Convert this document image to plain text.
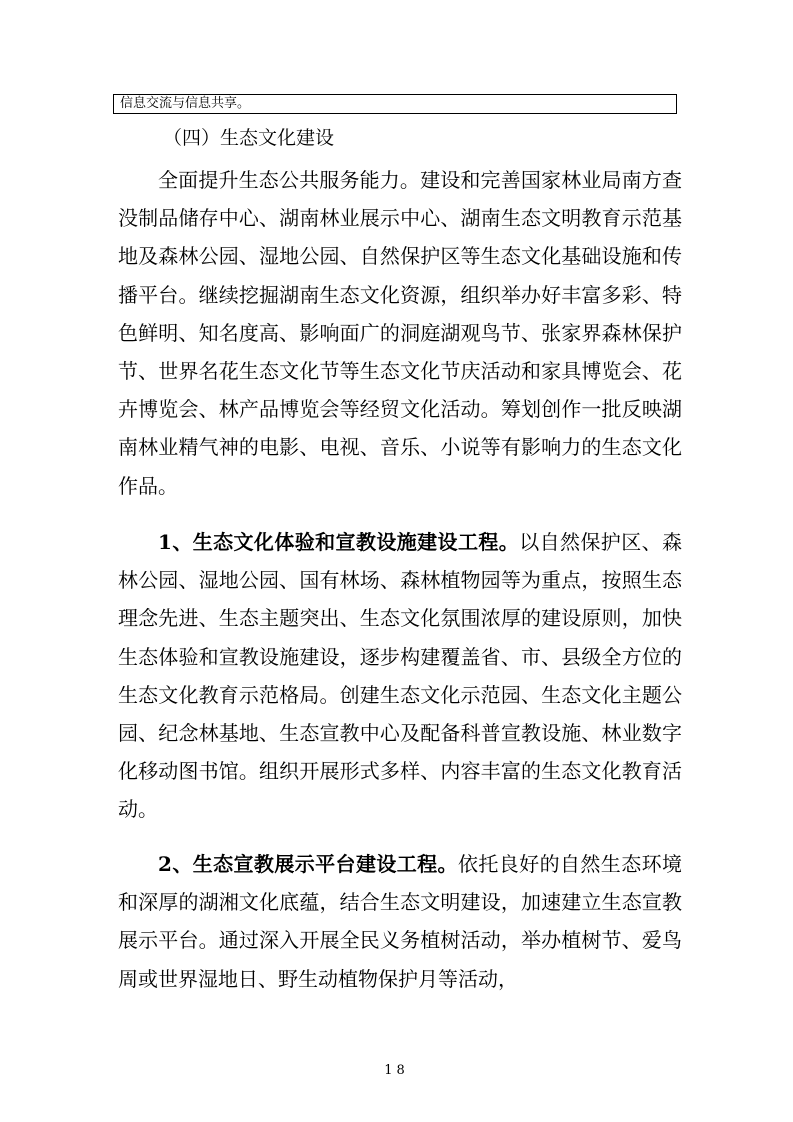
信息交流与信息共享。
（四）生态文化建设

全面提升生态公共服务能力。建设和完善国家林业局南方查没制品储存中心、湖南林业展示中心、湖南生态文明教育示范基地及森林公园、湿地公园、自然保护区等生态文化基础设施和传播平台。继续挖掘湖南生态文化资源，组织举办好丰富多彩、特色鲜明、知名度高、影响面广的洞庭湖观鸟节、张家界森林保护节、世界名花生态文化节等生态文化节庆活动和家具博览会、花卉博览会、林产品博览会等经贸文化活动。筹划创作一批反映湖南林业精气神的电影、电视、音乐、小说等有影响力的生态文化作品。

1、生态文化体验和宣教设施建设工程。以自然保护区、森林公园、湿地公园、国有林场、森林植物园等为重点，按照生态理念先进、生态主题突出、生态文化氛围浓厚的建设原则，加快生态体验和宣教设施建设，逐步构建覆盖省、市、县级全方位的生态文化教育示范格局。创建生态文化示范园、生态文化主题公园、纪念林基地、生态宣教中心及配备科普宣教设施、林业数字化移动图书馆。组织开展形式多样、内容丰富的生态文化教育活动。

2、生态宣教展示平台建设工程。依托良好的自然生态环境和深厚的湖湘文化底蕴，结合生态文明建设，加速建立生态宣教展示平台。通过深入开展全民义务植树活动，举办植树节、爱鸟周或世界湿地日、野生动植物保护月等活动，

18
